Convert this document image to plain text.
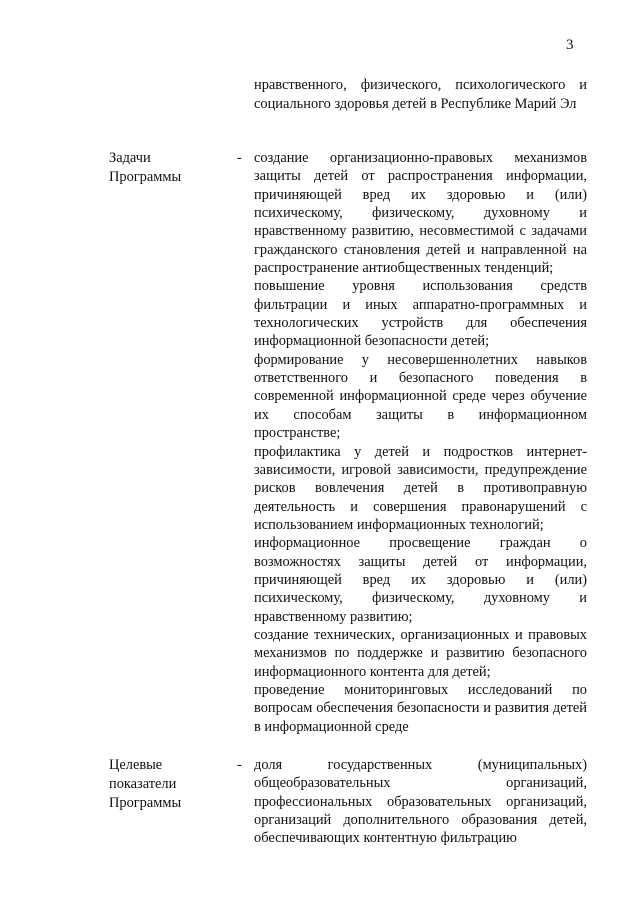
3
нравственного, физического, психологического и социального здоровья детей в Республике Марий Эл
Задачи
Программы
- создание организационно-правовых механизмов защиты детей от распространения информации, причиняющей вред их здоровью и (или) психическому, физическому, духовному и нравственному развитию, несовместимой с задачами гражданского становления детей и направленной на распространение антиобщественных тенденций;
повышение уровня использования средств фильтрации и иных аппаратно-программных и технологических устройств для обеспечения информационной безопасности детей;
формирование у несовершеннолетних навыков ответственного и безопасного поведения в современной информационной среде через обучение их способам защиты в информационном пространстве;
профилактика у детей и подростков интернет-зависимости, игровой зависимости, предупреждение рисков вовлечения детей в противоправную деятельность и совершения правонарушений с использованием информационных технологий;
информационное просвещение граждан о возможностях защиты детей от информации, причиняющей вред их здоровью и (или) психическому, физическому, духовному и нравственному развитию;
создание технических, организационных и правовых механизмов по поддержке и развитию безопасного информационного контента для детей;
проведение мониторинговых исследований по вопросам обеспечения безопасности и развития детей в информационной среде
Целевые
показатели
Программы
- доля государственных (муниципальных) общеобразовательных организаций, профессиональных образовательных организаций, организаций дополнительного образования детей, обеспечивающих контентную фильтрацию
